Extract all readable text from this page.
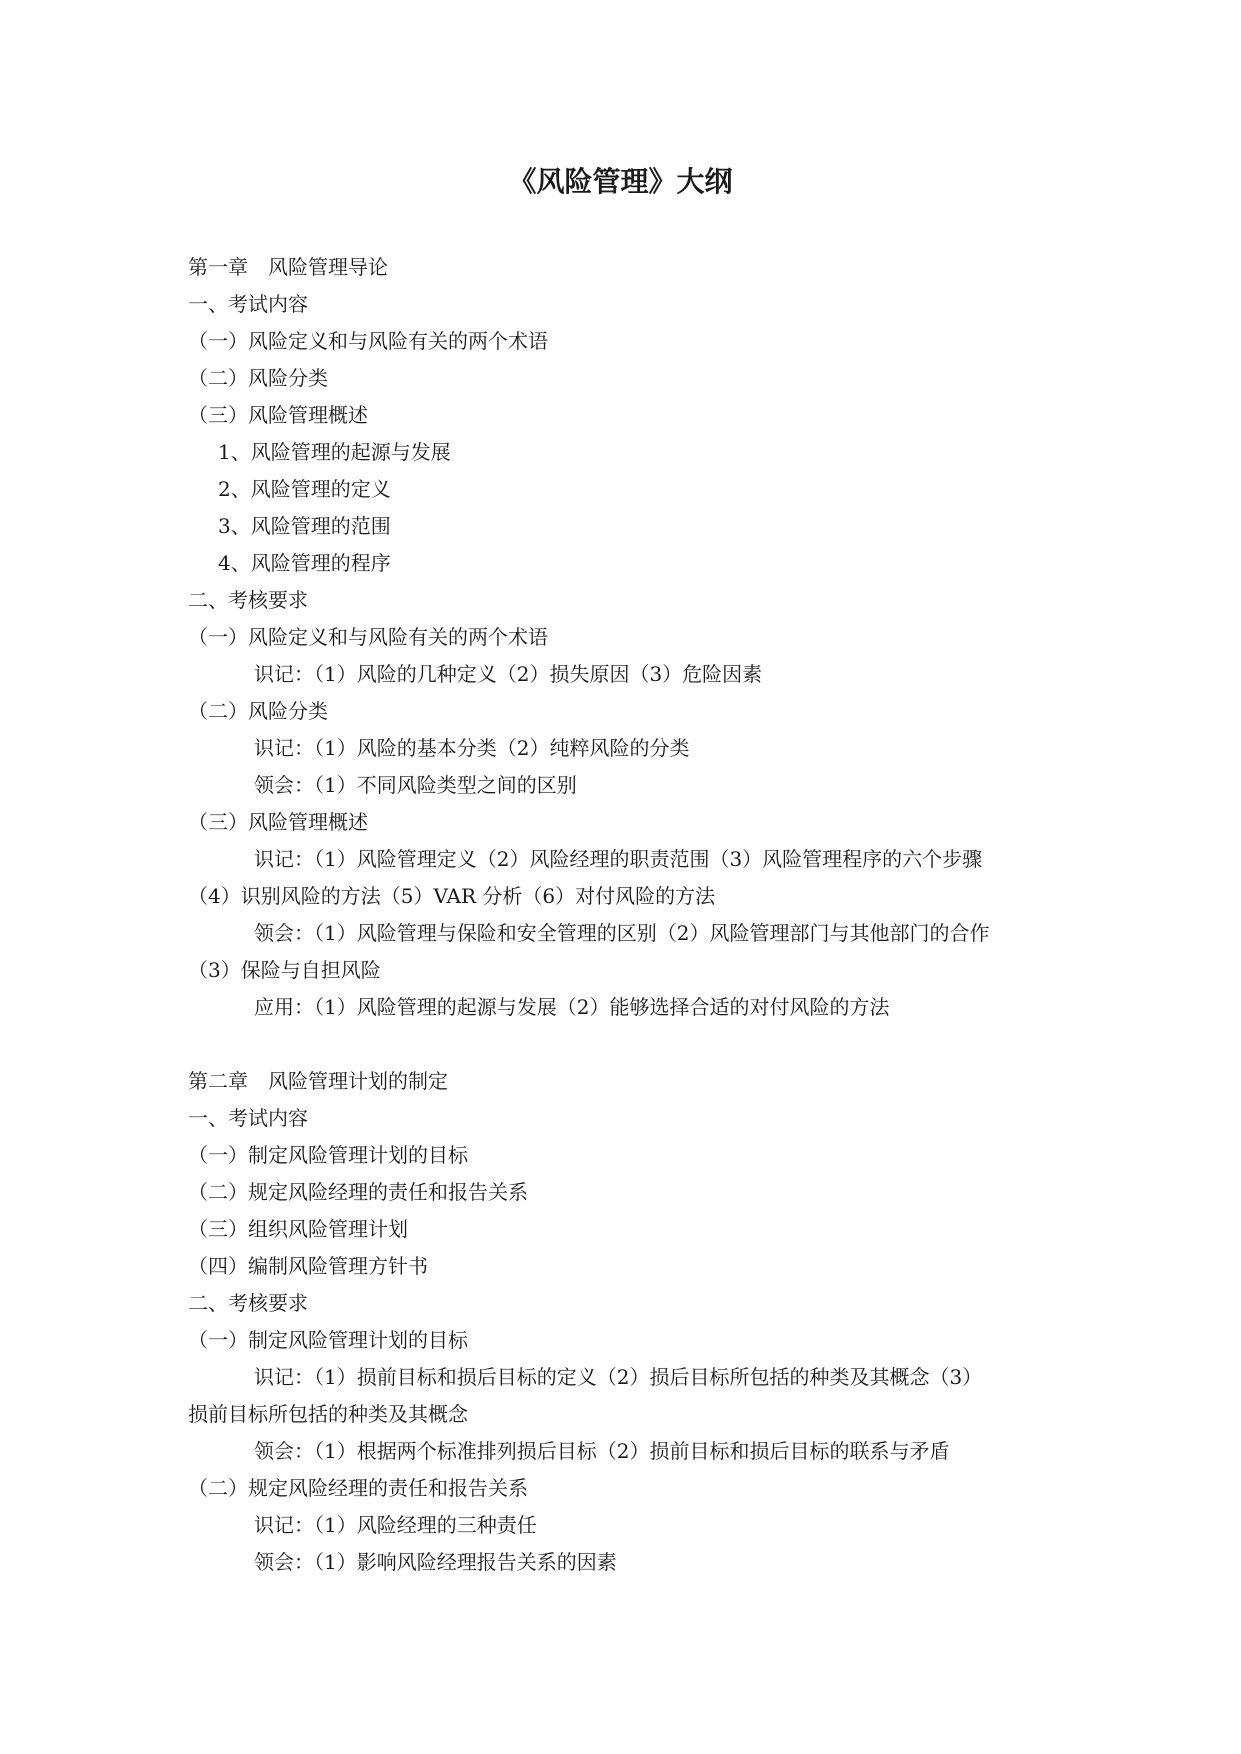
《风险管理》大纲

第一章　风险管理导论

一、考试内容

（一）风险定义和与风险有关的两个术语

（二）风险分类

（三）风险管理概述

1、风险管理的起源与发展

2、风险管理的定义

3、风险管理的范围

4、风险管理的程序

二、考核要求

（一）风险定义和与风险有关的两个术语

识记：（1）风险的几种定义（2）损失原因（3）危险因素

（二）风险分类

识记：（1）风险的基本分类（2）纯粹风险的分类

领会：（1）不同风险类型之间的区别

（三）风险管理概述

识记：（1）风险管理定义（2）风险经理的职责范围（3）风险管理程序的六个步骤

（4）识别风险的方法（5）VAR 分析（6）对付风险的方法

领会：（1）风险管理与保险和安全管理的区别（2）风险管理部门与其他部门的合作

（3）保险与自担风险

应用：（1）风险管理的起源与发展（2）能够选择合适的对付风险的方法

第二章　风险管理计划的制定

一、考试内容

（一）制定风险管理计划的目标

（二）规定风险经理的责任和报告关系

（三）组织风险管理计划

（四）编制风险管理方针书

二、考核要求

（一）制定风险管理计划的目标

识记：（1）损前目标和损后目标的定义（2）损后目标所包括的种类及其概念（3）

损前目标所包括的种类及其概念

领会：（1）根据两个标准排列损后目标（2）损前目标和损后目标的联系与矛盾

（二）规定风险经理的责任和报告关系

识记：（1）风险经理的三种责任

领会：（1）影响风险经理报告关系的因素
